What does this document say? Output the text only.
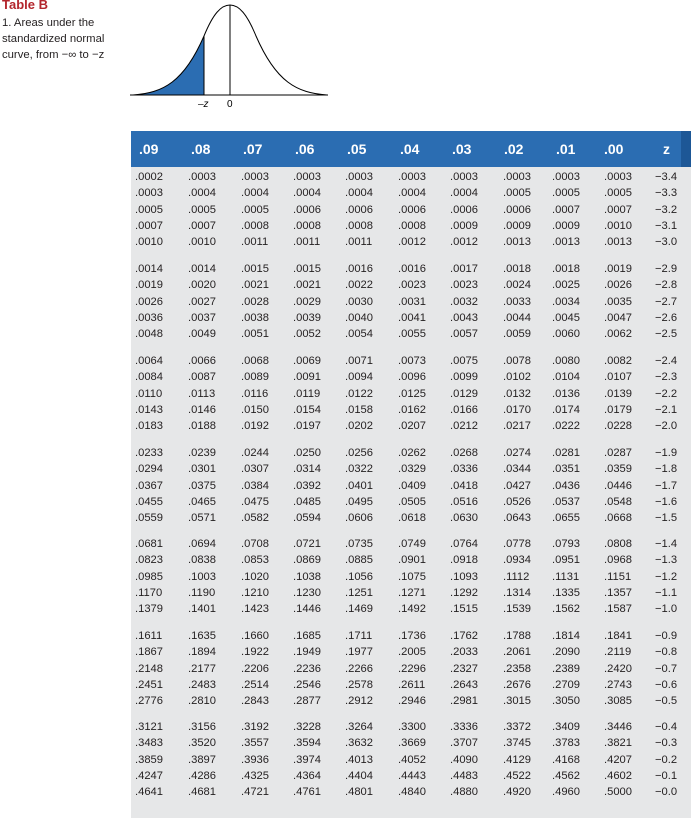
Table B
1. Areas under the standardized normal curve, from −∞ to −z
–z 0
.09 .08 .07 .06 .05 .04 .03 .02 .01 .00	z
.0002 .0003 .0003 .0003 .0003 .0003 .0003 .0003 .0003 .0003 −3.4
.0003 .0004 .0004 .0004 .0004 .0004 .0004 .0005 .0005 .0005 −3.3
.0005 .0005 .0005 .0006 .0006 .0006 .0006 .0006 .0007 .0007 −3.2
.0007 .0007 .0008 .0008 .0008 .0008 .0009 .0009 .0009 .0010 −3.1
.0010 .0010 .0011 .0011 .0011 .0012 .0012 .0013 .0013 .0013 −3.0
.0014 .0014 .0015 .0015 .0016 .0016 .0017 .0018 .0018 .0019 −2.9
.0019 .0020 .0021 .0021 .0022 .0023 .0023 .0024 .0025 .0026 −2.8
.0026 .0027 .0028 .0029 .0030 .0031 .0032 .0033 .0034 .0035 −2.7
.0036 .0037 .0038 .0039 .0040 .0041 .0043 .0044 .0045 .0047 −2.6
.0048 .0049 .0051 .0052 .0054 .0055 .0057 .0059 .0060 .0062 −2.5
.0064 .0066 .0068 .0069 .0071 .0073 .0075 .0078 .0080 .0082 −2.4
.0084 .0087 .0089 .0091 .0094 .0096 .0099 .0102 .0104 .0107 −2.3
.0110 .0113 .0116 .0119 .0122 .0125 .0129 .0132 .0136 .0139 −2.2
.0143 .0146 .0150 .0154 .0158 .0162 .0166 .0170 .0174 .0179 −2.1
.0183 .0188 .0192 .0197 .0202 .0207 .0212 .0217 .0222 .0228 −2.0
.0233 .0239 .0244 .0250 .0256 .0262 .0268 .0274 .0281 .0287 −1.9
.0294 .0301 .0307 .0314 .0322 .0329 .0336 .0344 .0351 .0359 −1.8
.0367 .0375 .0384 .0392 .0401 .0409 .0418 .0427 .0436 .0446 −1.7
.0455 .0465 .0475 .0485 .0495 .0505 .0516 .0526 .0537 .0548 −1.6
.0559 .0571 .0582 .0594 .0606 .0618 .0630 .0643 .0655 .0668 −1.5
.0681 .0694 .0708 .0721 .0735 .0749 .0764 .0778 .0793 .0808 −1.4
.0823 .0838 .0853 .0869 .0885 .0901 .0918 .0934 .0951 .0968 −1.3
.0985 .1003 .1020 .1038 .1056 .1075 .1093 .1112 .1131 .1151 −1.2
.1170 .1190 .1210 .1230 .1251 .1271 .1292 .1314 .1335 .1357 −1.1
.1379 .1401 .1423 .1446 .1469 .1492 .1515 .1539 .1562 .1587 −1.0
.1611 .1635 .1660 .1685 .1711 .1736 .1762 .1788 .1814 .1841 −0.9
.1867 .1894 .1922 .1949 .1977 .2005 .2033 .2061 .2090 .2119 −0.8
.2148 .2177 .2206 .2236 .2266 .2296 .2327 .2358 .2389 .2420 −0.7
.2451 .2483 .2514 .2546 .2578 .2611 .2643 .2676 .2709 .2743 −0.6
.2776 .2810 .2843 .2877 .2912 .2946 .2981 .3015 .3050 .3085 −0.5
.3121 .3156 .3192 .3228 .3264 .3300 .3336 .3372 .3409 .3446 −0.4
.3483 .3520 .3557 .3594 .3632 .3669 .3707 .3745 .3783 .3821 −0.3
.3859 .3897 .3936 .3974 .4013 .4052 .4090 .4129 .4168 .4207 −0.2
.4247 .4286 .4325 .4364 .4404 .4443 .4483 .4522 .4562 .4602 −0.1
.4641 .4681 .4721 .4761 .4801 .4840 .4880 .4920 .4960 .5000 −0.0
